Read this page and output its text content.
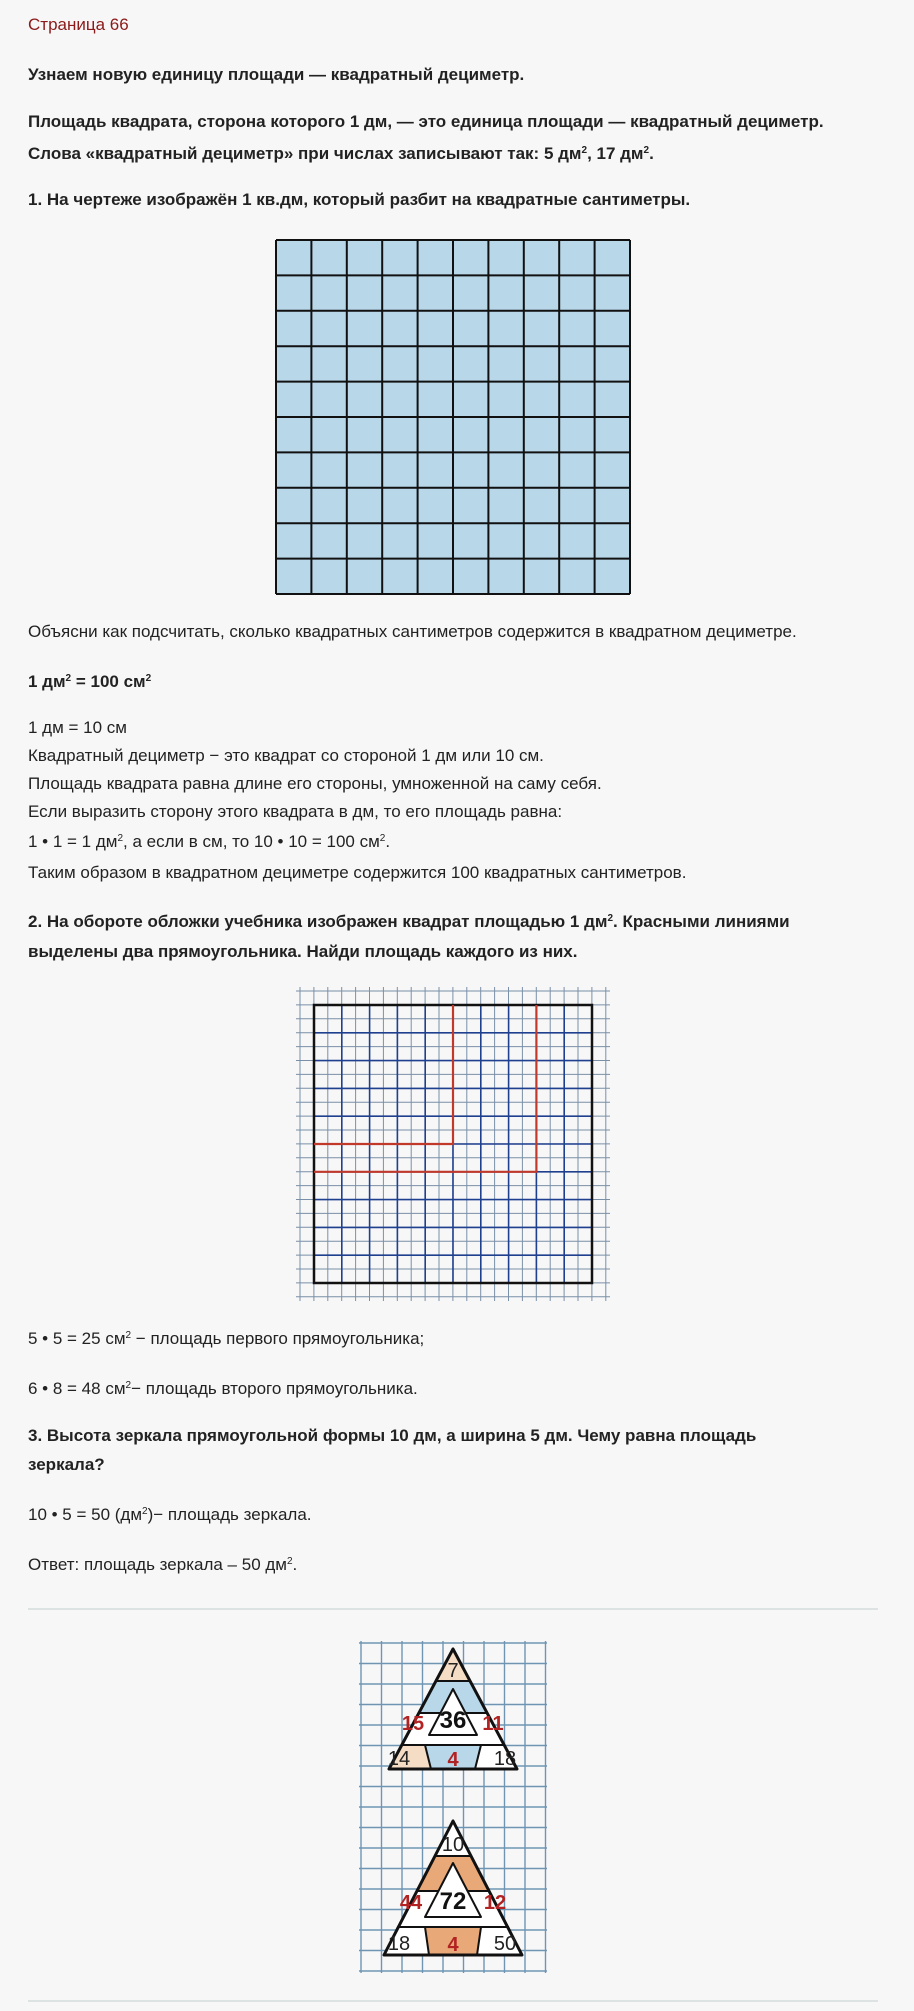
Страница 66

Узнаем новую единицу площади — квадратный дециметр.

Площадь квадрата, сторона которого 1 дм, — это единица площади — квадратный дециметр.

Слова «квадратный дециметр» при числах записывают так: 5 $дм^2$, 17 $дм^2$.

1. На чертеже изображён 1 кв.дм, который разбит на квадратные сантиметры.

Объясни как подсчитать, сколько квадратных сантиметров содержится в квадратном дециметре.

1 $дм^2 = 100$ $см^2$

1 дм = 10 см

Квадратный дециметр − это квадрат со стороной 1 дм или 10 см.

Площадь квадрата равна длине его стороны, умноженной на саму себя.

Если выразить сторону этого квадрата в дм, то его площадь равна:

1 • 1 = 1 $дм^2$, а если в см, то 10 • 10 = 100 $см^2$.

Таким образом в квадратном дециметре содержится 100 квадратных сантиметров.

2. На обороте обложки учебника изображен квадрат площадью 1 $дм^2$. Красными линиями

выделены два прямоугольника. Найди площадь каждого из них.

5 • 5 = 25 $см^2$ − площадь первого прямоугольника;

6 • 8 = 48 $см^2-$ площадь второго прямоугольника.

3. Высота зеркала прямоугольной формы 10 дм, а ширина 5 дм. Чему равна площадь

зеркала?

10 • 5 = 50 $(дм^2)-$ площадь зеркала.

Ответ: площадь зеркала – 50 $дм^2$.

7
15	11
36
14 4 18
10
44	12
72
18 4 50
